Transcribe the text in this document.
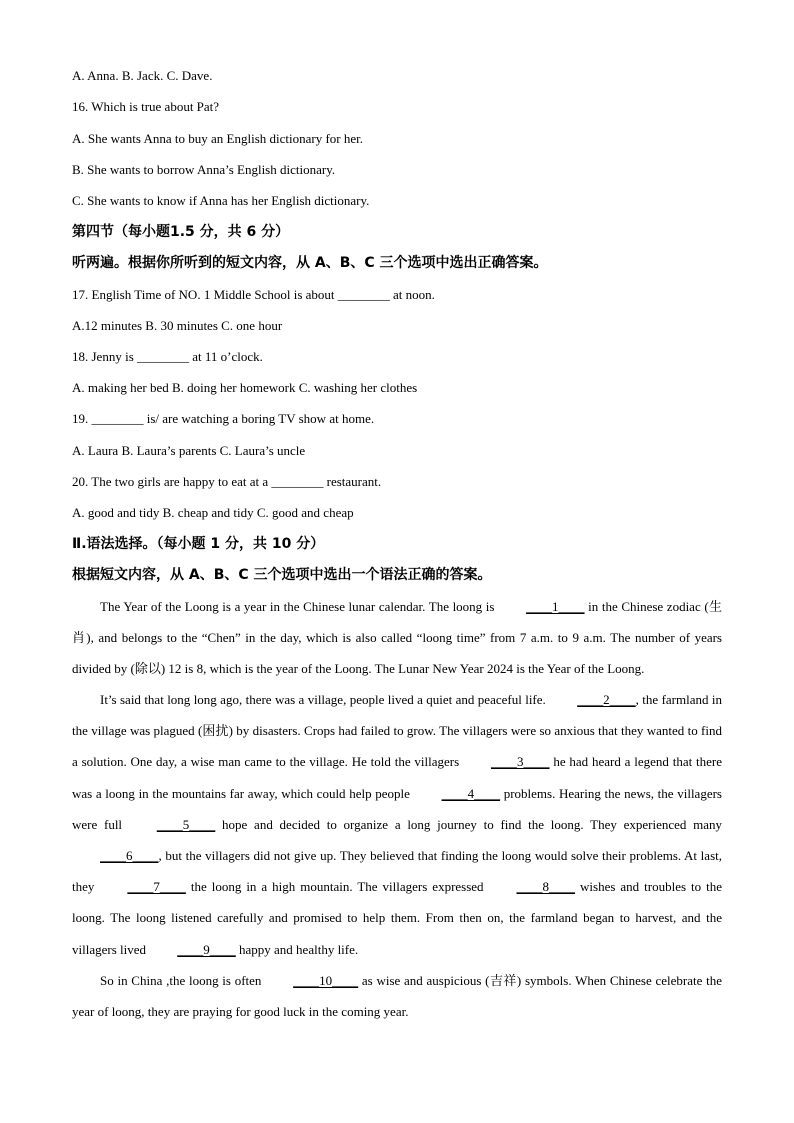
A. Anna. B. Jack. C. Dave.
16. Which is true about Pat?
A. She wants Anna to buy an English dictionary for her.
B. She wants to borrow Anna’s English dictionary.
C. She wants to know if Anna has her English dictionary.
第四节（每小题1.5 分，共 6 分）
听两遍。根据你所听到的短文内容，从 A、B、C 三个选项中选出正确答案。
17. English Time of NO. 1 Middle School is about ________ at noon.
A.12 minutes B. 30 minutes C. one hour
18. Jenny is ________ at 11 o’clock.
A. making her bed B. doing her homework C. washing her clothes
19. ________ is/ are watching a boring TV show at home.
A. Laura B. Laura’s parents C. Laura’s uncle
20. The two girls are happy to eat at a ________ restaurant.
A. good and tidy B. cheap and tidy C. good and cheap
Ⅱ.语法选择。（每小题 1 分，共 10 分）
根据短文内容，从 A、B、C 三个选项中选出一个语法正确的答案。
The Year of the Loong is a year in the Chinese lunar calendar. The loong is ____1____ in the Chinese zodiac (生肖), and belongs to the “Chen” in the day, which is also called “loong time” from 7 a.m. to 9 a.m. The number of years divided by (除以) 12 is 8, which is the year of the Loong. The Lunar New Year 2024 is the Year of the Loong.
It’s said that long long ago, there was a village, people lived a quiet and peaceful life. ____2____, the farmland in the village was plagued (困扰) by disasters. Crops had failed to grow. The villagers were so anxious that they wanted to find a solution. One day, a wise man came to the village. He told the villagers ____3____ he had heard a legend that there was a loong in the mountains far away, which could help people ____4____ problems. Hearing the news, the villagers were full ____5____ hope and decided to organize a long journey to find the loong. They experienced many ____6____, but the villagers did not give up. They believed that finding the loong would solve their problems. At last, they ____7____ the loong in a high mountain. The villagers expressed ____8____ wishes and troubles to the loong. The loong listened carefully and promised to help them. From then on, the farmland began to harvest, and the villagers lived ____9____ happy and healthy life.
So in China ,the loong is often ____10____ as wise and auspicious (吉祥) symbols. When Chinese celebrate the year of loong, they are praying for good luck in the coming year.
